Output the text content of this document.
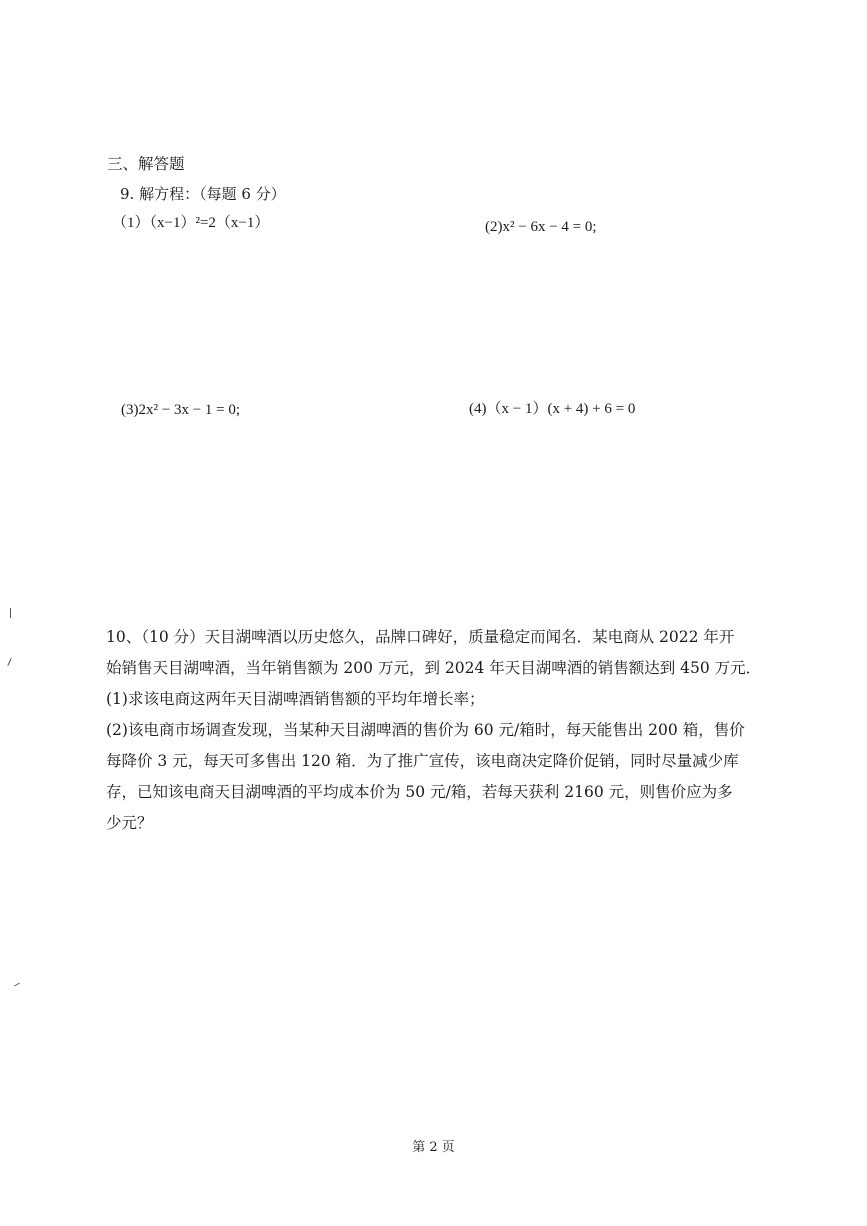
三、解答题
9. 解方程：（每题 6 分）
（1）（x−1）²=2（x−1）	(2)x² − 6x − 4 = 0;
(3)2x² − 3x − 1 = 0;	(4)（x − 1）(x + 4) + 6 = 0
10、（10 分）天目湖啤酒以历史悠久，品牌口碑好，质量稳定而闻名．某电商从 2022 年开
始销售天目湖啤酒，当年销售额为 200 万元，到 2024 年天目湖啤酒的销售额达到 450 万元．
(1)求该电商这两年天目湖啤酒销售额的平均年增长率；
(2)该电商市场调查发现，当某种天目湖啤酒的售价为 60 元/箱时，每天能售出 200 箱，售价
每降价 3 元，每天可多售出 120 箱．为了推广宣传，该电商决定降价促销，同时尽量减少库
存，已知该电商天目湖啤酒的平均成本价为 50 元/箱，若每天获利 2160 元，则售价应为多
少元？
第 2 页
